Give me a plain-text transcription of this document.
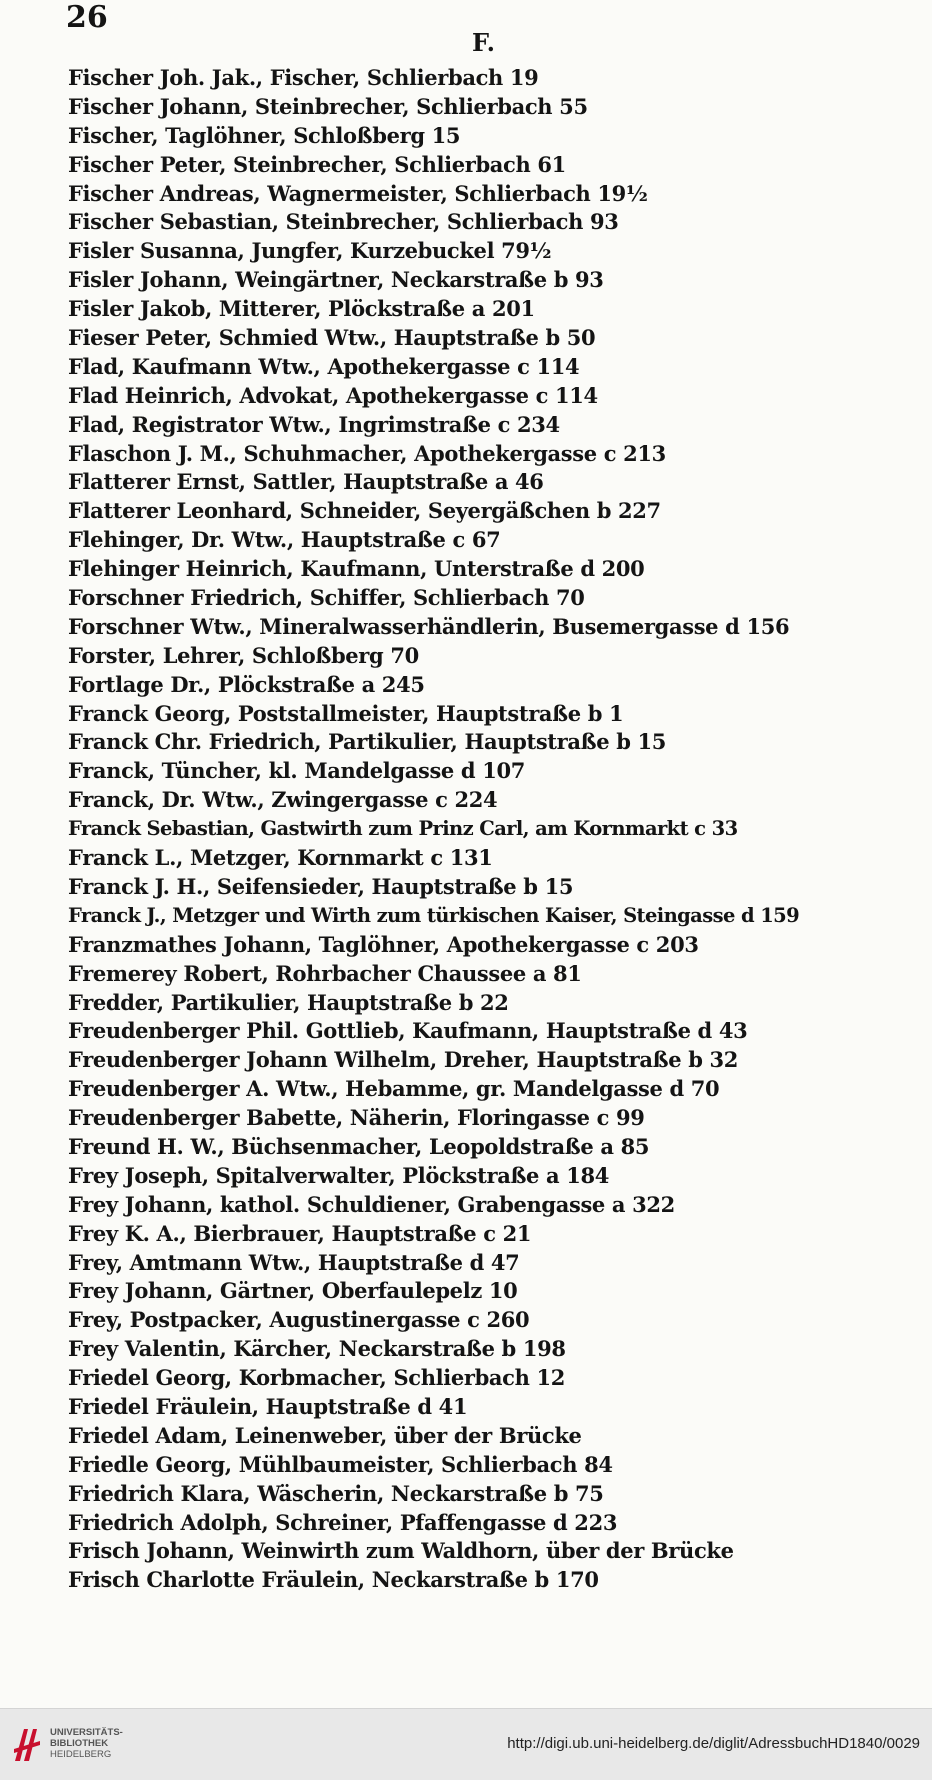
26
F.
Fischer Joh. Jak., Fischer, Schlierbach 19
Fischer Johann, Steinbrecher, Schlierbach 55
Fischer, Taglöhner, Schloßberg 15
Fischer Peter, Steinbrecher, Schlierbach 61
Fischer Andreas, Wagnermeister, Schlierbach 19½
Fischer Sebastian, Steinbrecher, Schlierbach 93
Fisler Susanna, Jungfer, Kurzebuckel 79½
Fisler Johann, Weingärtner, Neckarstraße b 93
Fisler Jakob, Mitterer, Plöckstraße a 201
Fieser Peter, Schmied Wtw., Hauptstraße b 50
Flad, Kaufmann Wtw., Apothekergasse c 114
Flad Heinrich, Advokat, Apothekergasse c 114
Flad, Registrator Wtw., Ingrimstraße c 234
Flaschon J. M., Schuhmacher, Apothekergasse c 213
Flatterer Ernst, Sattler, Hauptstraße a 46
Flatterer Leonhard, Schneider, Seyergäßchen b 227
Flehinger, Dr. Wtw., Hauptstraße c 67
Flehinger Heinrich, Kaufmann, Unterstraße d 200
Forschner Friedrich, Schiffer, Schlierbach 70
Forschner Wtw., Mineralwasserhändlerin, Busemergasse d 156
Forster, Lehrer, Schloßberg 70
Fortlage Dr., Plöckstraße a 245
Franck Georg, Poststallmeister, Hauptstraße b 1
Franck Chr. Friedrich, Partikulier, Hauptstraße b 15
Franck, Tüncher, kl. Mandelgasse d 107
Franck, Dr. Wtw., Zwingergasse c 224
Franck Sebastian, Gastwirth zum Prinz Carl, am Kornmarkt c 33
Franck L., Metzger, Kornmarkt c 131
Franck J. H., Seifensieder, Hauptstraße b 15
Franck J., Metzger und Wirth zum türkischen Kaiser, Steingasse d 159
Franzmathes Johann, Taglöhner, Apothekergasse c 203
Fremerey Robert, Rohrbacher Chaussee a 81
Fredder, Partikulier, Hauptstraße b 22
Freudenberger Phil. Gottlieb, Kaufmann, Hauptstraße d 43
Freudenberger Johann Wilhelm, Dreher, Hauptstraße b 32
Freudenberger A. Wtw., Hebamme, gr. Mandelgasse d 70
Freudenberger Babette, Näherin, Floringasse c 99
Freund H. W., Büchsenmacher, Leopoldstraße a 85
Frey Joseph, Spitalverwalter, Plöckstraße a 184
Frey Johann, kathol. Schuldiener, Grabengasse a 322
Frey K. A., Bierbrauer, Hauptstraße c 21
Frey, Amtmann Wtw., Hauptstraße d 47
Frey Johann, Gärtner, Oberfaulepelz 10
Frey, Postpacker, Augustinergasse c 260
Frey Valentin, Kärcher, Neckarstraße b 198
Friedel Georg, Korbmacher, Schlierbach 12
Friedel Fräulein, Hauptstraße d 41
Friedel Adam, Leinenweber, über der Brücke
Friedle Georg, Mühlbaumeister, Schlierbach 84
Friedrich Klara, Wäscherin, Neckarstraße b 75
Friedrich Adolph, Schreiner, Pfaffengasse d 223
Frisch Johann, Weinwirth zum Waldhorn, über der Brücke
Frisch Charlotte Fräulein, Neckarstraße b 170
UNIVERSITÄTS-
BIBLIOTHEK
HEIDELBERG
http://digi.ub.uni-heidelberg.de/diglit/AdressbuchHD1840/0029
